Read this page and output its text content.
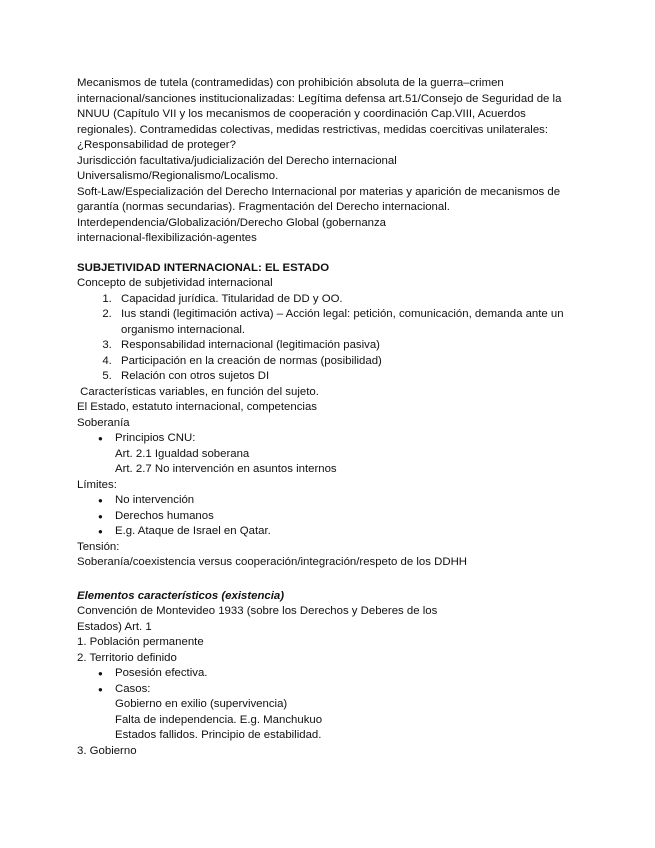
Mecanismos de tutela (contramedidas) con prohibición absoluta de la guerra–crimen internacional/sanciones institucionalizadas: Legítima defensa art.51/Consejo de Seguridad de la NNUU (Capítulo VII y los mecanismos de cooperación y coordinación Cap.VIII, Acuerdos regionales). Contramedidas colectivas, medidas restrictivas, medidas coercitivas unilaterales:¿Responsabilidad de proteger?

Jurisdicción facultativa/judicialización del Derecho internacional

Universalismo/Regionalismo/Localismo.

Soft-Law/Especialización del Derecho Internacional por materias y aparición de mecanismos de garantía (normas secundarias). Fragmentación del Derecho internacional.

Interdependencia/Globalización/Derecho Global (gobernanza

internacional-flexibilización-agentes

SUBJETIVIDAD INTERNACIONAL: EL ESTADO

Concepto de subjetividad internacional

1. Capacidad jurídica. Titularidad de DD y OO.
2. Ius standi (legitimación activa) – Acción legal: petición, comunicación, demanda ante un organismo internacional.
3. Responsabilidad internacional (legitimación pasiva)
4. Participación en la creación de normas (posibilidad)
5. Relación con otros sujetos DI

Características variables, en función del sujeto.

El Estado, estatuto internacional, competencias

Soberanía

● Principios CNU:

Art. 2.1 Igualdad soberana

Art. 2.7 No intervención en asuntos internos

Límites:

● No intervención
● Derechos humanos
● E.g. Ataque de Israel en Qatar.

Tensión:

Soberanía/coexistencia versus cooperación/integración/respeto de los DDHH

Elementos característicos (existencia)

Convención de Montevideo 1933 (sobre los Derechos y Deberes de los

Estados) Art. 1

1. Población permanente

2. Territorio definido

● Posesión efectiva.
● Casos:

Gobierno en exilio (supervivencia)

Falta de independencia. E.g. Manchukuo

Estados fallidos. Principio de estabilidad.

3. Gobierno
